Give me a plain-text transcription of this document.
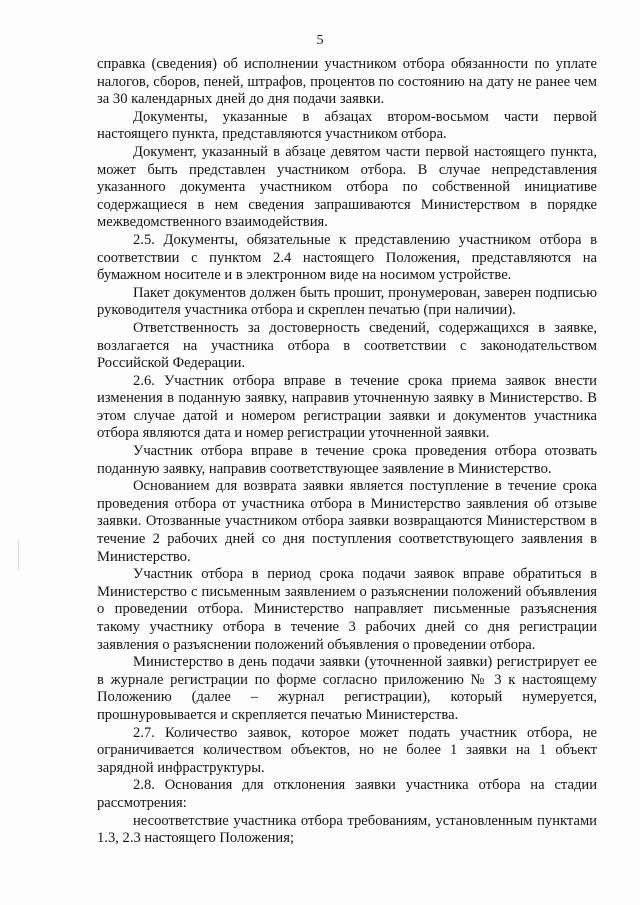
5

справка (сведения) об исполнении участником отбора обязанности по уплате налогов, сборов, пеней, штрафов, процентов по состоянию на дату не ранее чем за 30 календарных дней до дня подачи заявки.

Документы, указанные в абзацах втором-восьмом части первой настоящего пункта, представляются участником отбора.

Документ, указанный в абзаце девятом части первой настоящего пункта, может быть представлен участником отбора. В случае непредставления указанного документа участником отбора по собственной инициативе содержащиеся в нем сведения запрашиваются Министерством в порядке межведомственного взаимодействия.

2.5. Документы, обязательные к представлению участником отбора в соответствии с пунктом 2.4 настоящего Положения, представляются на бумажном носителе и в электронном виде на носимом устройстве.

Пакет документов должен быть прошит, пронумерован, заверен подписью руководителя участника отбора и скреплен печатью (при наличии).

Ответственность за достоверность сведений, содержащихся в заявке, возлагается на участника отбора в соответствии с законодательством Российской Федерации.

2.6. Участник отбора вправе в течение срока приема заявок внести изменения в поданную заявку, направив уточненную заявку в Министерство. В этом случае датой и номером регистрации заявки и документов участника отбора являются дата и номер регистрации уточненной заявки.

Участник отбора вправе в течение срока проведения отбора отозвать поданную заявку, направив соответствующее заявление в Министерство.

Основанием для возврата заявки является поступление в течение срока проведения отбора от участника отбора в Министерство заявления об отзыве заявки. Отозванные участником отбора заявки возвращаются Министерством в течение 2 рабочих дней со дня поступления соответствующего заявления в Министерство.

Участник отбора в период срока подачи заявок вправе обратиться в Министерство с письменным заявлением о разъяснении положений объявления о проведении отбора. Министерство направляет письменные разъяснения такому участнику отбора в течение 3 рабочих дней со дня регистрации заявления о разъяснении положений объявления о проведении отбора.

Министерство в день подачи заявки (уточненной заявки) регистрирует ее в журнале регистрации по форме согласно приложению № 3 к настоящему Положению (далее – журнал регистрации), который нумеруется, прошнуровывается и скрепляется печатью Министерства.

2.7. Количество заявок, которое может подать участник отбора, не ограничивается количеством объектов, но не более 1 заявки на 1 объект зарядной инфраструктуры.

2.8. Основания для отклонения заявки участника отбора на стадии рассмотрения:

несоответствие участника отбора требованиям, установленным пунктами 1.3, 2.3 настоящего Положения;
